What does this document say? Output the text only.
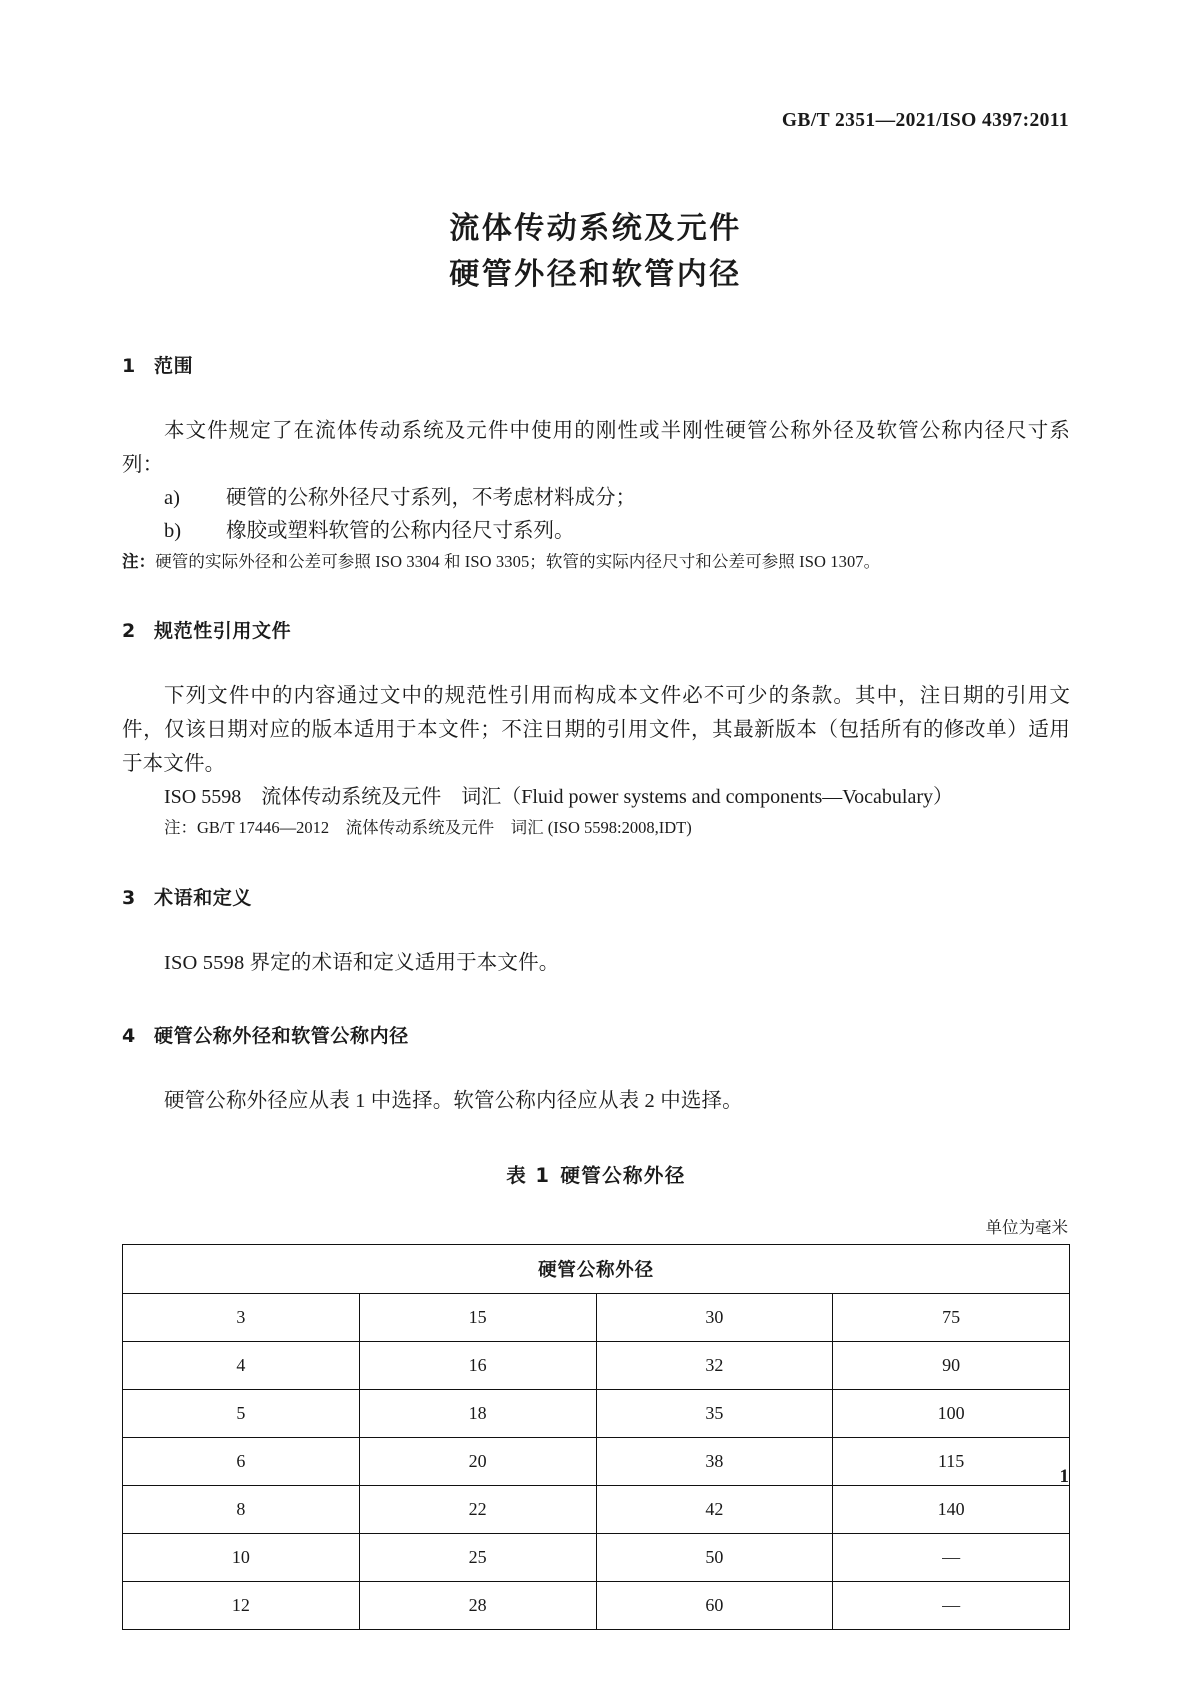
GB/T 2351—2021/ISO 4397:2011
流体传动系统及元件
硬管外径和软管内径
1 范围

本文件规定了在流体传动系统及元件中使用的刚性或半刚性硬管公称外径及软管公称内径尺寸系列：

a)	硬管的公称外径尺寸系列，不考虑材料成分；
b)	橡胶或塑料软管的公称内径尺寸系列。

注：硬管的实际外径和公差可参照 ISO 3304 和 ISO 3305；软管的实际内径尺寸和公差可参照 ISO 1307。

2 规范性引用文件

下列文件中的内容通过文中的规范性引用而构成本文件必不可少的条款。其中，注日期的引用文件，仅该日期对应的版本适用于本文件；不注日期的引用文件，其最新版本（包括所有的修改单）适用于本文件。

ISO 5598　流体传动系统及元件　词汇（Fluid power systems and components—Vocabulary）

注：GB/T 17446—2012　流体传动系统及元件　词汇 (ISO 5598:2008,IDT)

3 术语和定义

ISO 5598 界定的术语和定义适用于本文件。

4 硬管公称外径和软管公称内径

硬管公称外径应从表 1 中选择。软管公称内径应从表 2 中选择。

表 1 硬管公称外径
单位为毫米
硬管公称外径			
3	15	30	75
4	16	32	90
5	18	35	100
6	20	38	115
8	22	42	140
10	25	50	—
12	28	60	—
1
